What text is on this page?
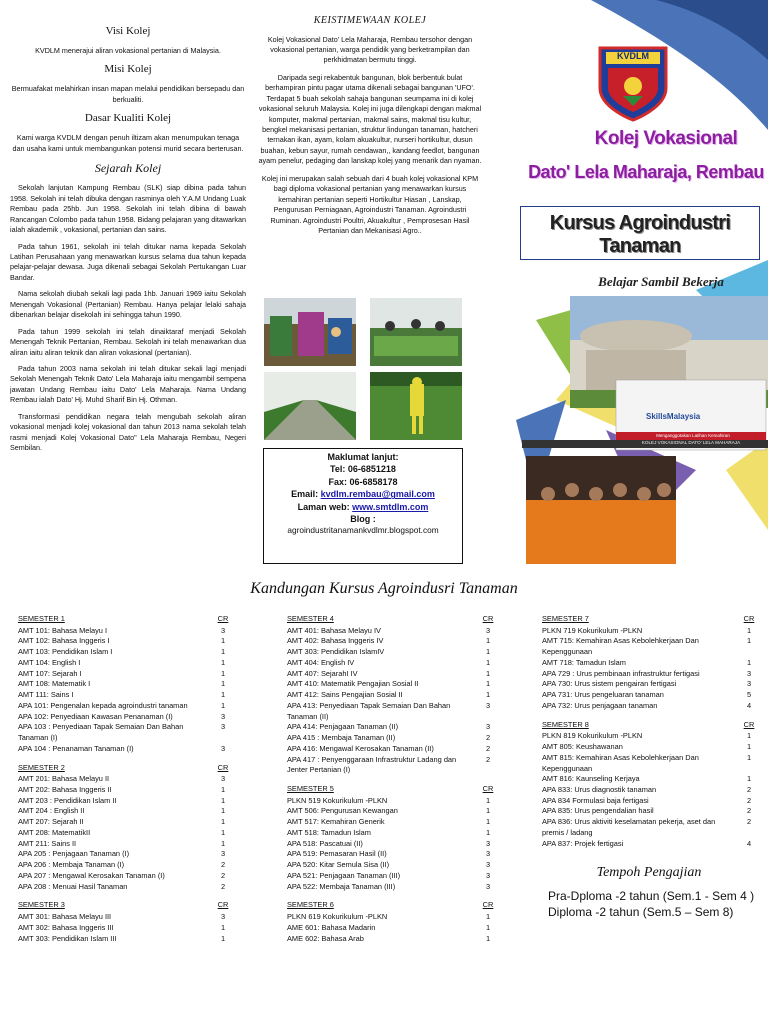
Visi Kolej

KVDLM menerajui aliran vokasional pertanian di Malaysia.

Misi Kolej

Bermuafakat melahirkan insan mapan melalui pendidikan bersepadu dan berkualiti.

Dasar Kualiti Kolej

Kami warga KVDLM dengan penuh iltizam akan menumpukan tenaga dan usaha kami untuk membangunkan potensi murid secara berterusan.

Sejarah Kolej

Sekolah lanjutan Kampung Rembau (SLK) siap dibina pada tahun 1958. Sekolah ini telah dibuka dengan rasminya oleh Y.A.M Undang Luak Rembau pada 25hb. Jun 1958. Sekolah ini telah dibina di bawah Rancangan Colombo pada tahun 1958. Bidang pelajaran yang ditawarkan ialah akademik , vokasional, pertanian dan sains.

Pada tahun 1961, sekolah ini telah ditukar nama kepada Sekolah Latihan Perusahaan yang menawarkan kursus selama dua tahun kepada pelajar-pelajar dewasa. Juga dikenali sebagai Sekolah Pertukangan Luar Bandar.

Nama sekolah diubah sekali lagi pada 1hb. Januari 1969 iaitu Sekolah Menengah Vokasional (Pertanian) Rembau. Hanya pelajar lelaki sahaja dibenarkan belajar disekolah ini sehingga tahun 1990.

Pada tahun 1999 sekolah ini telah dinaiktaraf menjadi Sekolah Menengah Teknik Pertanian, Rembau. Sekolah ini telah menawarkan dua aliran iaitu aliran teknik dan aliran vokasional (pertanian).

Pada tahun 2003 nama sekolah ini telah ditukar sekali lagi menjadi Sekolah Menengah Teknik Dato' Lela Maharaja iaitu mengambil sempena jawatan Undang Rembau iaitu Dato' Lela Maharaja. Nama Undang Rembau ialah Dato' Hj. Muhd Sharif Bin Hj. Othman.

Transformasi pendidikan negara telah mengubah sekolah aliran vokasional menjadi kolej vokasional dan tahun 2013 nama sekolah telah rasmi menjadi Kolej Vokasional Dato" Lela Maharaja Rembau, Negeri Sembilan.

KEISTIMEWAAN KOLEJ

Kolej Vokasional Dato' Lela Maharaja, Rembau tersohor dengan vokasional pertanian, warga pendidik yang berketrampilan dan perkhidmatan bermutu tinggi.

Daripada segi rekabentuk bangunan, blok berbentuk bulat berhampiran pintu pagar utama dikenali sebagai bangunan 'UFO'. Terdapat 5 buah sekolah sahaja bangunan seumpama ini di kolej vokasional seluruh Malaysia. Kolej ini juga dilengkapi dengan makmal komputer, makmal pertanian, makmal sains, makmal tisu kultur, bengkel mekanisasi pertanian, struktur lindungan tanaman, hatcheri ternakan ikan, ayam, kolam akuakultur, nurseri hortikultur, dusun buahan, kebun sayur, rumah cendawan,, kandang feedlot, bangunan ayam penelur, pedaging dan lanskap kolej yang menarik dan nyaman.

Kolej ini merupakan salah sebuah dari 4 buah kolej vokasional KPM bagi diploma vokasional pertanian yang menawarkan kursus kemahiran pertanian seperti Hortikultur Hiasan , Lanskap, Pengurusan Perniagaan, Agroindustri Tanaman. Agroindustri Ruminan. Agroindustri Poultri, Akuakultur , Pemprosesan Hasil Pertanian dan Mekanisasi Agro..

Maklumat lanjut:
Tel: 06-6851218
Fax: 06-6858178
Email: kvdlm.rembau@gmail.com
Laman web: www.smtdlm.com
Blog :
agroindustritanamankvdlmr.blogspot.com
KVDLM
Kolej Vokasional
Dato' Lela Maharaja, Rembau
Kursus Agroindustri Tanaman
Belajar Sambil Bekerja
SkillsMalaysia
Menganggotakan Latihan Kemahiran
KOLEJ VOKASIONAL DATO' LELA MAHARAJA
Kandungan Kursus Agroindusri Tanaman
SEMESTER 1	CR
AMT 101: Bahasa Melayu I	3
AMT 102: Bahasa Inggeris I	1
AMT 103: Pendidikan Islam I	1
AMT 104: English I	1
AMT 107: Sejarah I	1
AMT 108: Matematik I	1
AMT 111: Sains I	1
APA 101: Pengenalan kepada agroindustri tanaman	1
APA 102: Penyediaan Kawasan Penanaman (I)	3
APA 103 : Penyediaan Tapak Semaian Dan Bahan Tanaman (I)
3
APA 104 : Penanaman Tanaman (I)	3
SEMESTER 2	CR
AMT 201: Bahasa Melayu II	3
AMT 202: Bahasa Inggeris II	1
AMT 203 : Pendidikan Islam II	1
AMT 204 : English II	1
AMT 207: Sejarah II	1
AMT 208: MatematikII	1
AMT 211: Sains II	1
APA 205 : Penjagaan Tanaman (I)	3
APA 206 : Membaja Tanaman (I)	2
APA 207 : Mengawal Kerosakan Tanaman (I)	2
APA 208 : Menuai Hasil Tanaman	2
SEMESTER 3	CR
AMT 301: Bahasa Melayu III	3
AMT 302: Bahasa Inggeris III	1
AMT 303: Pendidikan Islam III	1
SEMESTER 4	CR
AMT 401: Bahasa Melayu IV	3
AMT 402: Bahasa Inggeris IV	1
AMT 303: Pendidikan IslamIV	1
AMT 404: English IV	1
AMT 407: SejarahI IV	1
AMT 410: Matematik Pengajian Sosial II	1
AMT 412: Sains Pengajian Sosial II	1
APA 413: Penyediaan Tapak Semaian Dan Bahan Tanaman (II)
3
APA 414: Penjagaan Tanaman (II)	3
APA 415 : Membaja Tanaman (II)	2
APA 416: Mengawal Kerosakan Tanaman (II)	2
APA 417 : Penyenggaraan Infrastruktur Ladang dan Jenter Pertanian (I)
2
SEMESTER 5	CR
PLKN 519 Kokurikulum -PLKN	1
AMT 506: Pengurusan Kewangan	1
AMT 517: Kemahiran Generik	1
AMT 518: Tamadun Islam	1
APA 518: Pascatuai (II)	3
APA 519: Pemasaran Hasil (II)	3
APA 520: Kitar Semula Sisa (II)	3
APA 521: Penjagaan Tanaman (III)	3
APA 522: Membaja Tanaman (III)	3
SEMESTER 6	CR
PLKN 619 Kokurikulum -PLKN	1
AME 601: Bahasa Madarin	1
AME 602: Bahasa Arab	1
SEMESTER 7	CR
PLKN 719 Kokurikulum -PLKN	1
AMT 715: Kemahiran Asas Kebolehkerjaan Dan Kepenggunaan
1
AMT 718: Tamadun Islam	1
APA 729 : Urus pembinaan infrastruktur fertigasi	3
APA 730: Urus sistem pengairan fertigasi	3
APA 731: Urus pengeluaran tanaman	5
APA 732: Urus penjagaan tanaman	4
SEMESTER 8	CR
PLKN 819 Kokurikulum -PLKN	1
AMT 805: Keushawanan	1
AMT 815: Kemahiran Asas Kebolehkerjaan Dan Kepenggunaan
1
AMT 816: Kaunseling Kerjaya	1
APA 833: Urus diagnostik tanaman	2
APA 834 Formulasi baja fertigasi	2
APA 835: Urus pengendalian hasil	2
APA 836: Urus aktiviti keselamatan pekerja, aset dan premis / ladang
2
APA 837: Projek fertigasi	4
Tempoh Pengajian
Pra-Dploma -2 tahun (Sem.1 - Sem 4 )
Diploma -2 tahun (Sem.5 – Sem 8)
